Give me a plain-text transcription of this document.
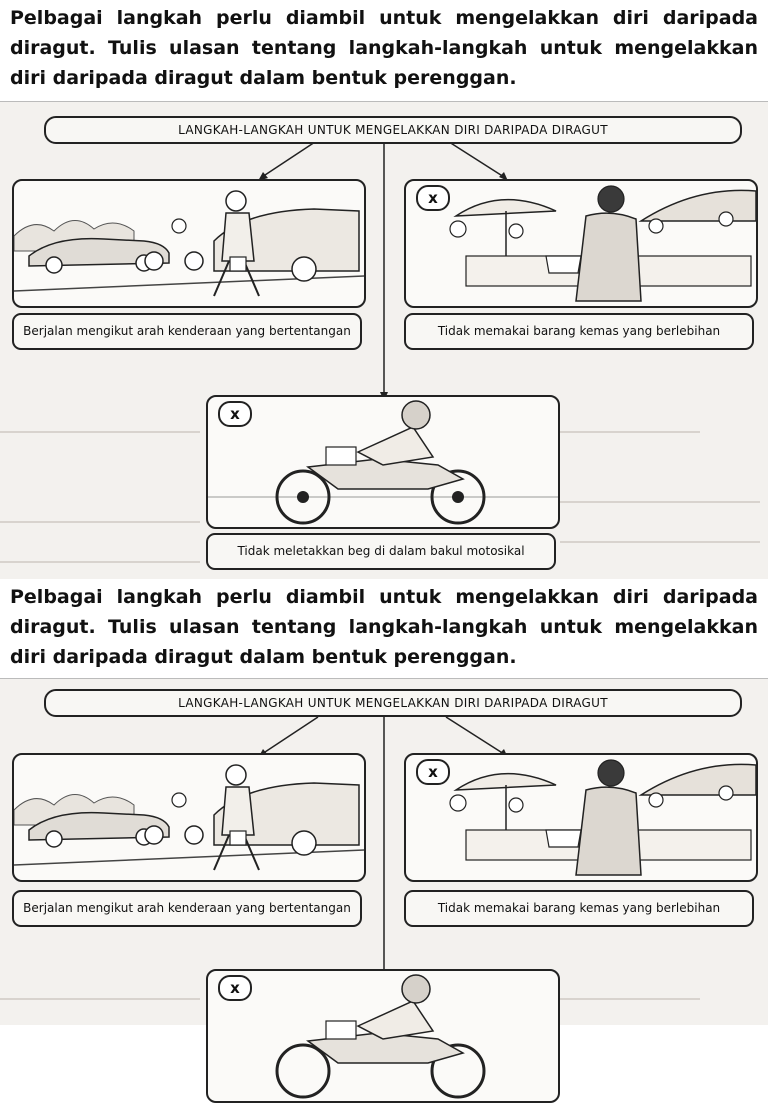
Pelbagai langkah perlu diambil untuk mengelakkan diri daripada diragut. Tulis ulasan tentang langkah-langkah untuk mengelakkan diri daripada diragut dalam bentuk perenggan.

LANGKAH-LANGKAH UNTUK MENGELAKKAN DIRI DARIPADA DIRAGUT
Berjalan mengikut arah kenderaan yang bertentangan
x
Tidak memakai barang kemas yang berlebihan
x
Tidak meletakkan beg di dalam bakul motosikal

Pelbagai langkah perlu diambil untuk mengelakkan diri daripada diragut. Tulis ulasan tentang langkah-langkah untuk mengelakkan diri daripada diragut dalam bentuk perenggan.

LANGKAH-LANGKAH UNTUK MENGELAKKAN DIRI DARIPADA DIRAGUT
Berjalan mengikut arah kenderaan yang bertentangan
x
Tidak memakai barang kemas yang berlebihan
x
